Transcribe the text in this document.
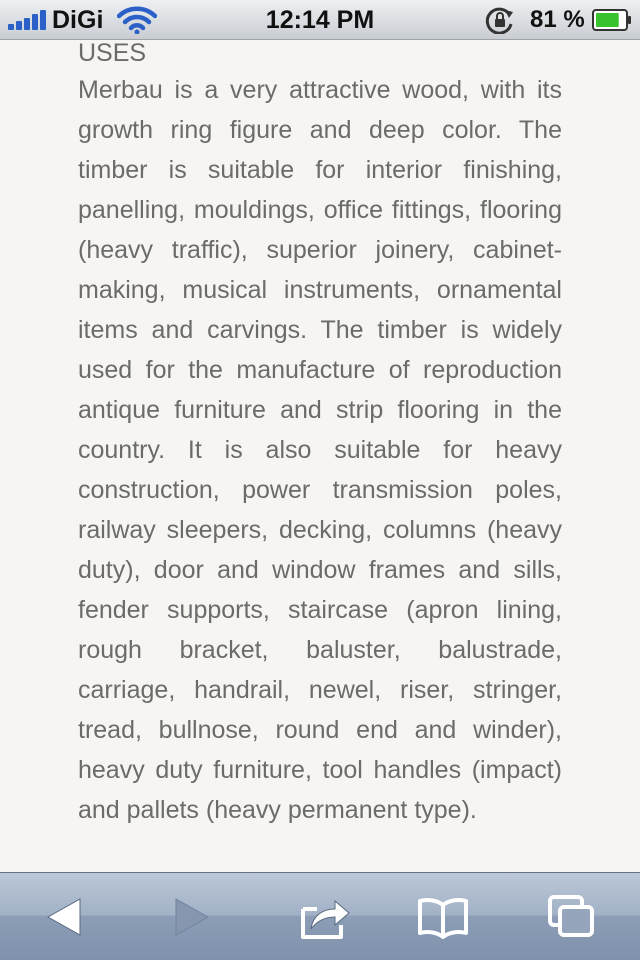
DiGi	12:14 PM	81 %
USES

Merbau is a very attractive wood, with its growth ring figure and deep color. The timber is suitable for interior finishing, panelling, mouldings, office fittings, flooring (heavy traffic), superior joinery, cabinet-making, musical instruments, ornamental items and carvings. The timber is widely used for the manufacture of reproduction antique furniture and strip flooring in the country. It is also suitable for heavy construction, power transmission poles, railway sleepers, decking, columns (heavy duty), door and window frames and sills, fender supports, staircase (apron lining, rough bracket, baluster, balustrade, carriage, handrail, newel, riser, stringer, tread, bullnose, round end and winder), heavy duty furniture, tool handles (impact) and pallets (heavy permanent type).
